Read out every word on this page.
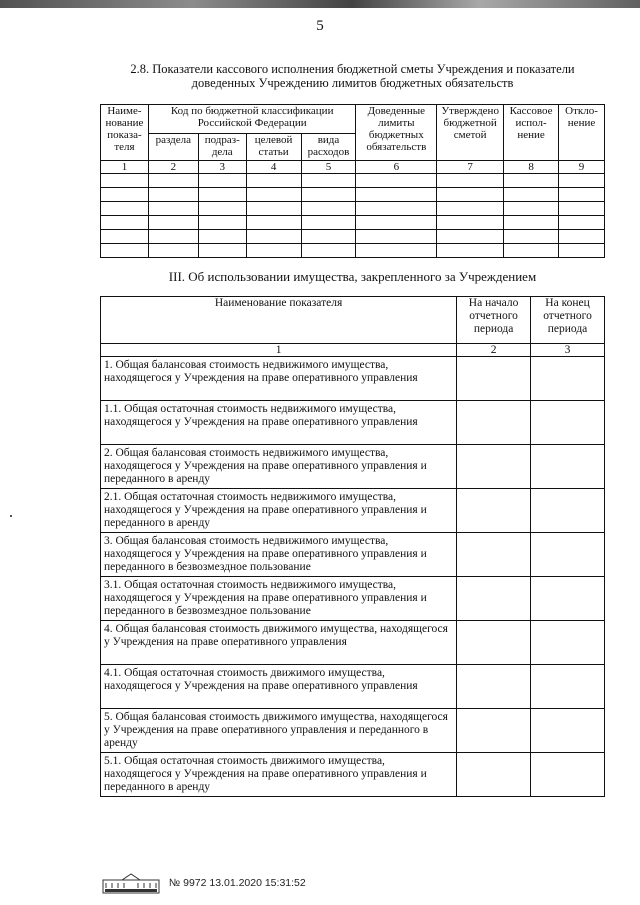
5
2.8. Показатели кассового исполнения бюджетной сметы Учреждения и показатели доведенных Учреждению лимитов бюджетных обязательств
Наиме-нование показа-теля	Код по бюджетной классификации Российской Федерации				Доведенные лимиты бюджетных обязательств	Утверждено бюджетной сметой	Кассовое испол-нение	Откло-нение
	раздела	подраз-дела	целевой статьи	вида расходов				
1	2	3	4	5	6	7	8	9

III. Об использовании имущества, закрепленного за Учреждением
Наименование показателя	На начало отчетного периода	На конец отчетного периода
1	2	3
1. Общая балансовая стоимость недвижимого имущества, находящегося у Учреждения на праве оперативного управления		
1.1. Общая остаточная стоимость недвижимого имущества, находящегося у Учреждения на праве оперативного управления		
2. Общая балансовая стоимость недвижимого имущества, находящегося у Учреждения на праве оперативного управления и переданного в аренду		
2.1. Общая остаточная стоимость недвижимого имущества, находящегося у Учреждения на праве оперативного управления и переданного в аренду		
3. Общая балансовая стоимость недвижимого имущества, находящегося у Учреждения на праве оперативного управления и переданного в безвозмездное пользование		
3.1. Общая остаточная стоимость недвижимого имущества, находящегося у Учреждения на праве оперативного управления и переданного в безвозмездное пользование		
4. Общая балансовая стоимость движимого имущества, находящегося у Учреждения на праве оперативного управления		
4.1. Общая остаточная стоимость движимого имущества, находящегося у Учреждения на праве оперативного управления		
5. Общая балансовая стоимость движимого имущества, находящегося у Учреждения на праве оперативного управления и переданного в аренду		
5.1. Общая остаточная стоимость движимого имущества, находящегося у Учреждения на праве оперативного управления и переданного в аренду		
№ 9972 13.01.2020 15:31:52
